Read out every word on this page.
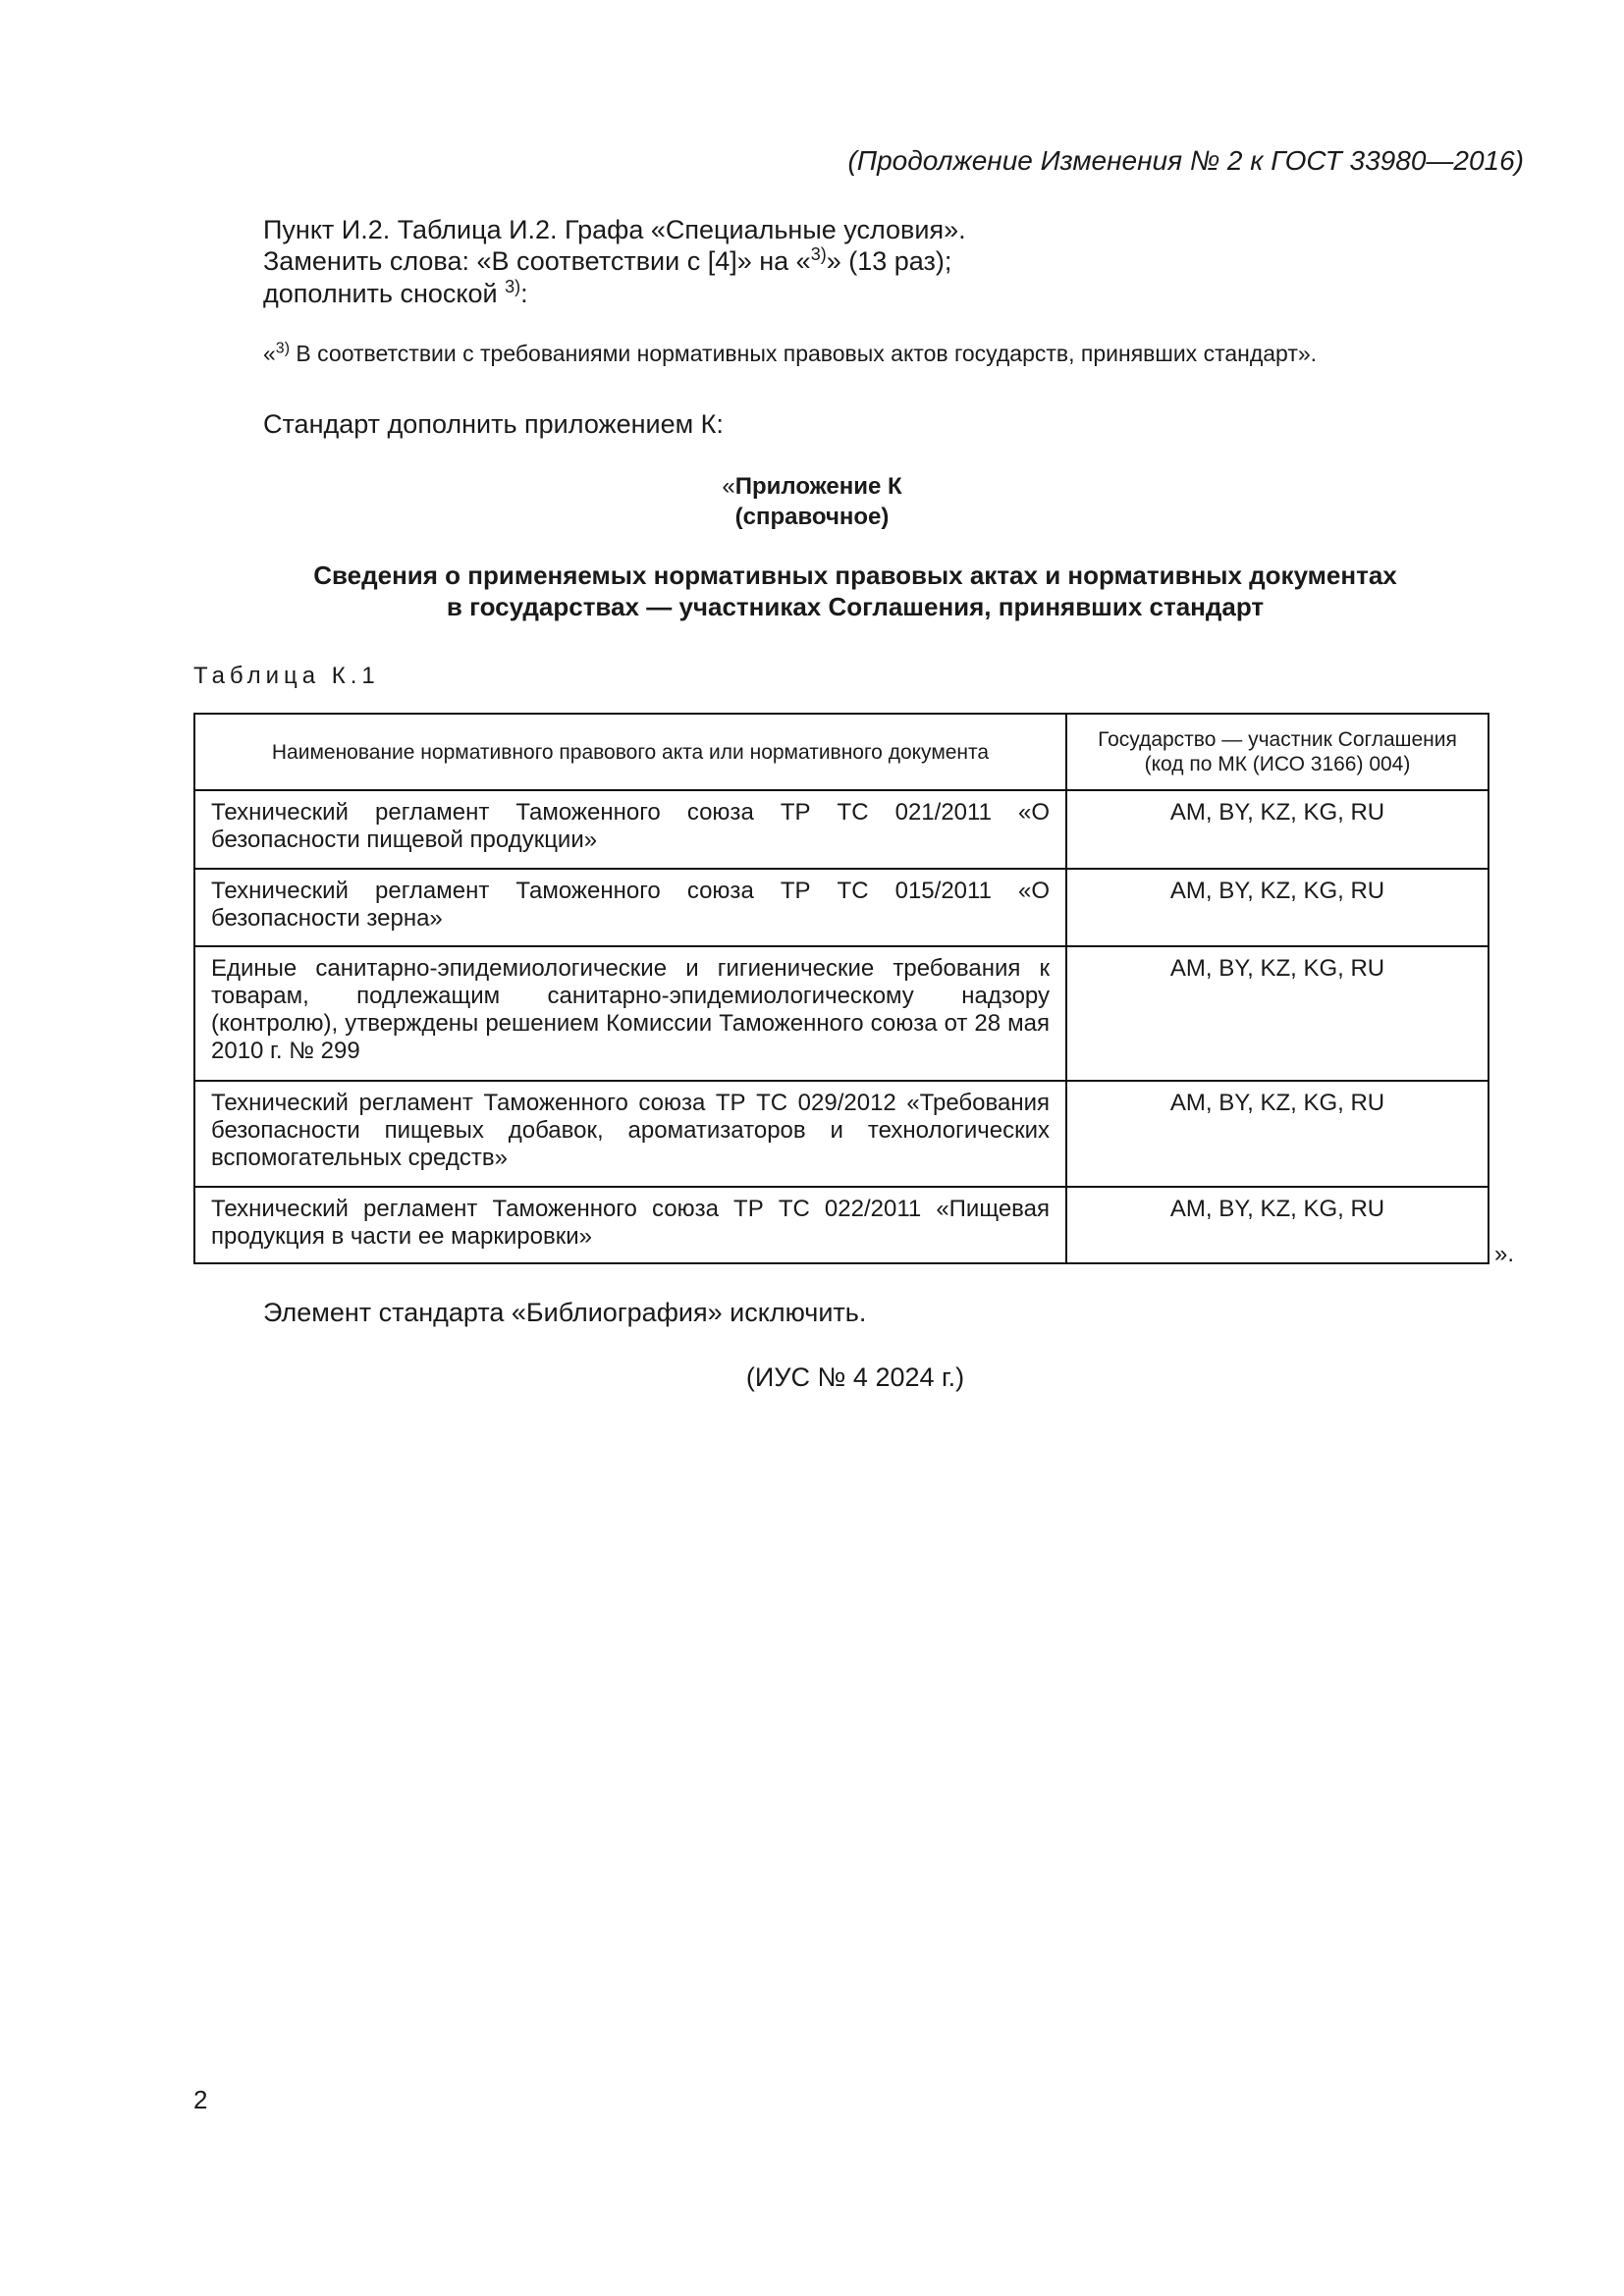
(Продолжение Изменения № 2 к ГОСТ 33980—2016)
Пункт И.2. Таблица И.2. Графа «Специальные условия».
Заменить слова: «В соответствии с [4]» на «$^{3)}$» (13 раз);
дополнить сноской $^{3)}$:
«$^{3)}$ В соответствии с требованиями нормативных правовых актов государств, принявших стандарт».
Стандарт дополнить приложением К:
«Приложение К
(справочное)
Сведения о применяемых нормативных правовых актах и нормативных документах
в государствах — участниках Соглашения, принявших стандарт
Таблица К.1
Наименование нормативного правового акта или нормативного документа	Государство — участник Соглашения (код по МК (ИСО 3166) 004)
Технический регламент Таможенного союза ТР ТС 021/2011 «О безопасности пищевой продукции»	AM, BY, KZ, KG, RU
Технический регламент Таможенного союза ТР ТС 015/2011 «О безопасности зерна»	AM, BY, KZ, KG, RU
Единые санитарно-эпидемиологические и гигиенические требования к товарам, подлежащим санитарно-эпидемиологическому надзору (контролю), утверждены решением Комиссии Таможенного союза от 28 мая 2010 г. № 299	AM, BY, KZ, KG, RU
Технический регламент Таможенного союза ТР ТС 029/2012 «Требования безопасности пищевых добавок, ароматизаторов и технологических вспомогательных средств»	AM, BY, KZ, KG, RU
Технический регламент Таможенного союза ТР ТС 022/2011 «Пищевая продукция в части ее маркировки»	AM, BY, KZ, KG, RU
».
Элемент стандарта «Библиография» исключить.
(ИУС № 4 2024 г.)
2
